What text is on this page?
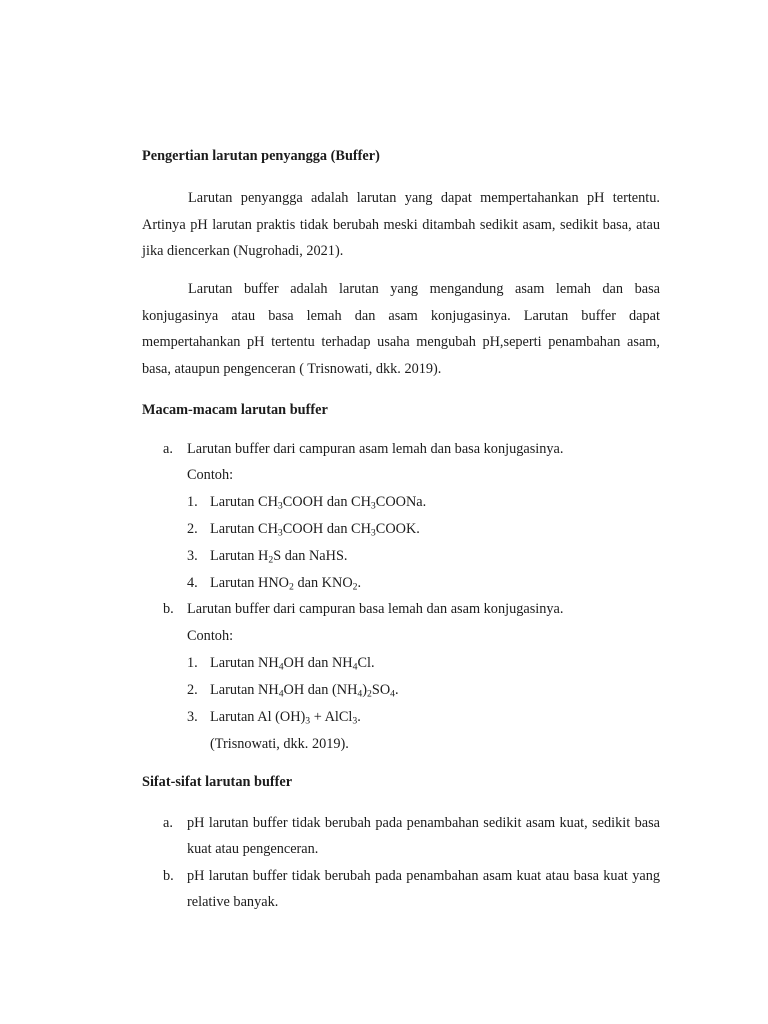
Pengertian larutan penyangga (Buffer)

Larutan penyangga adalah larutan yang dapat mempertahankan pH tertentu. Artinya pH larutan praktis tidak berubah meski ditambah sedikit asam, sedikit basa, atau jika diencerkan (Nugrohadi, 2021).

Larutan buffer adalah larutan yang mengandung asam lemah dan basa konjugasinya atau basa lemah dan asam konjugasinya. Larutan buffer dapat mempertahankan pH tertentu terhadap usaha mengubah pH,seperti penambahan asam, basa, ataupun pengenceran ( Trisnowati, dkk. 2019).

Macam-macam larutan buffer
a. Larutan buffer dari campuran asam lemah dan basa konjugasinya.
Contoh:
1. Larutan $CH_3COOH$ dan $CH_3COONa$.
2. Larutan $CH_3COOH$ dan $CH_3COOK$.
3. Larutan $H_2S$ dan NaHS.
4. Larutan $HNO_2$ dan $KNO_2$.
b. Larutan buffer dari campuran basa lemah dan asam konjugasinya.
Contoh:
1. Larutan $NH_4OH$ dan $NH_4Cl$.
2. Larutan $NH_4OH$ dan $(NH_4)_2SO_4$.
3. Larutan Al $(OH)_3$ + AlCl$_3$.
(Trisnowati, dkk. 2019).
Sifat-sifat larutan buffer
a. pH larutan buffer tidak berubah pada penambahan sedikit asam kuat, sedikit basa kuat atau pengenceran.

b. pH larutan buffer tidak berubah pada penambahan asam kuat atau basa kuat yang relative banyak.
